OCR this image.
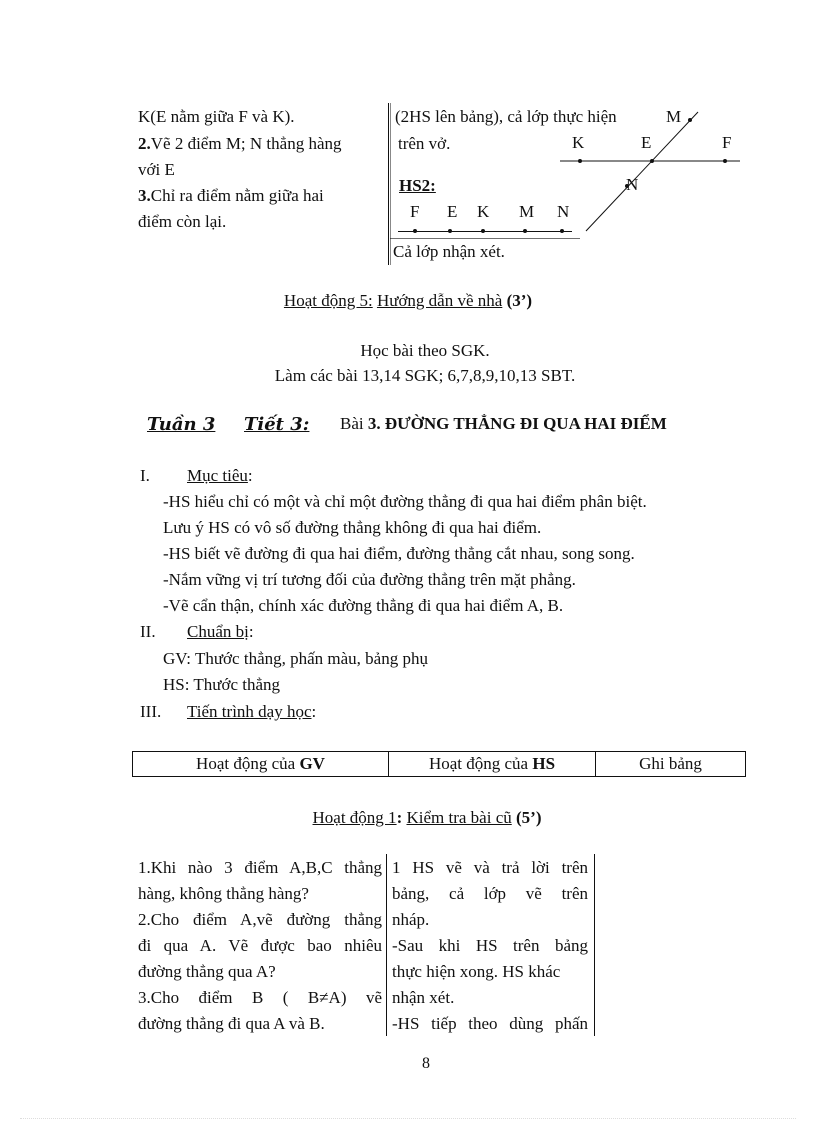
K(E nằm giữa F và K).
2.Vẽ 2 điểm M; N thẳng hàng
với E
3.Chỉ ra điểm nằm giữa hai
điểm còn lại.
(2HS lên bảng), cả lớp thực hiện
trên vở.
HS2:
F E K M N
Cả lớp nhận xét.
M
K	E	F
N
Hoạt động 5: Hướng dẫn về nhà (3’)
Học bài theo SGK.
Làm các bài 13,14 SGK; 6,7,8,9,10,13 SBT.
Tuần 3 Tiết 3: Bài 3. ĐƯỜNG THẲNG ĐI QUA HAI ĐIỂM
I. Mục tiêu:
-HS hiểu chỉ có một và chỉ một đường thẳng đi qua hai điểm phân biệt.
Lưu ý HS có vô số đường thẳng không đi qua hai điểm.
-HS biết vẽ đường đi qua hai điểm, đường thẳng cắt nhau, song song.
-Nắm vững vị trí tương đối của đường thẳng trên mặt phẳng.
-Vẽ cẩn thận, chính xác đường thẳng đi qua hai điểm A, B.
II. Chuẩn bị:
GV: Thước thẳng, phấn màu, bảng phụ
HS: Thước thẳng
III. Tiến trình dạy học:
Hoạt động của GV	Hoạt động của HS	Ghi bảng
Hoạt động 1: Kiểm tra bài cũ (5’)
1.Khi nào 3 điểm A,B,C thẳng
hàng, không thẳng hàng?
2.Cho điểm A,vẽ đường thẳng
đi qua A. Vẽ được bao nhiêu
đường thẳng qua A?
3.Cho điểm B ( B≠A) vẽ
đường thẳng đi qua A và B.
1 HS vẽ và trả lời trên
bảng, cả lớp vẽ trên
nháp.
-Sau khi HS trên bảng
thực hiện xong. HS khác
nhận xét.
-HS tiếp theo dùng phấn
8
